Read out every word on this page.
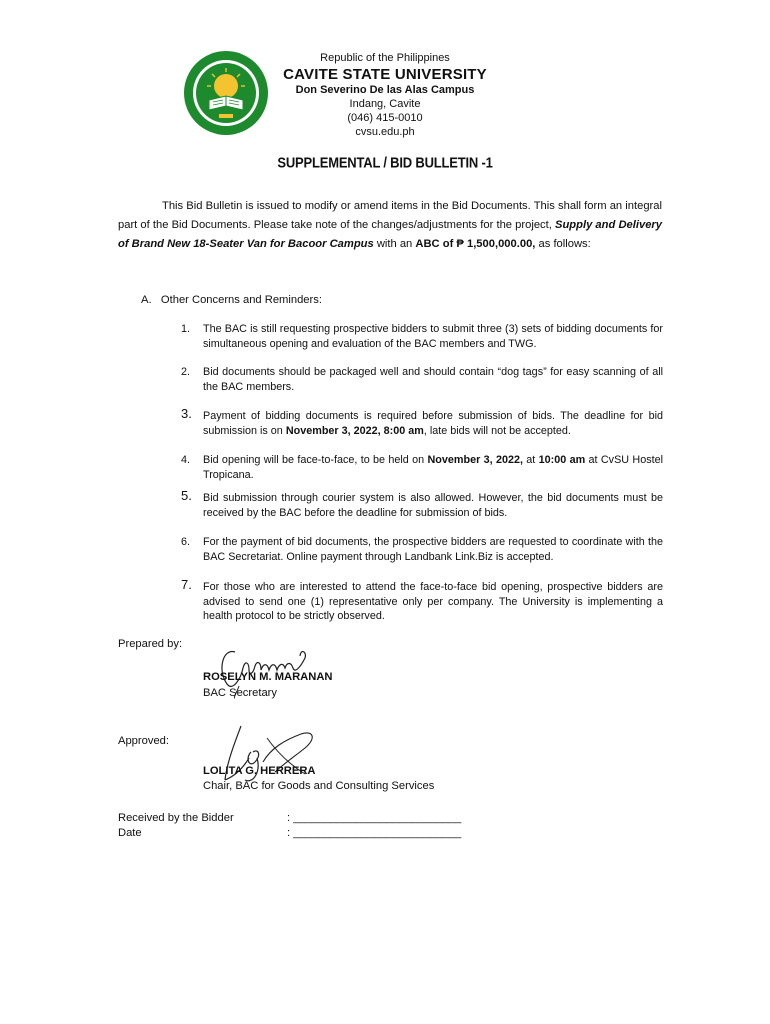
Republic of the Philippines
CAVITE STATE UNIVERSITY
Don Severino De las Alas Campus
Indang, Cavite
(046) 415-0010
cvsu.edu.ph
SUPPLEMENTAL / BID BULLETIN -1
This Bid Bulletin is issued to modify or amend items in the Bid Documents. This shall form an integral part of the Bid Documents. Please take note of the changes/adjustments for the project, Supply and Delivery of Brand New 18-Seater Van for Bacoor Campus with an ABC of ₱ 1,500,000.00, as follows:
A. Other Concerns and Reminders:
1.	The BAC is still requesting prospective bidders to submit three (3) sets of bidding documents for simultaneous opening and evaluation of the BAC members and TWG.
2.	Bid documents should be packaged well and should contain “dog tags” for easy scanning of all the BAC members.
3.	Payment of bidding documents is required before submission of bids. The deadline for bid submission is on November 3, 2022, 8:00 am, late bids will not be accepted.
4.	Bid opening will be face-to-face, to be held on November 3, 2022, at 10:00 am at CvSU Hostel Tropicana.
5.	Bid submission through courier system is also allowed. However, the bid documents must be received by the BAC before the deadline for submission of bids.
6.	For the payment of bid documents, the prospective bidders are requested to coordinate with the BAC Secretariat. Online payment through Landbank Link.Biz is accepted.
7.	For those who are interested to attend the face-to-face bid opening, prospective bidders are advised to send one (1) representative only per company. The University is implementing a health protocol to be strictly observed.
Prepared by:
ROSELYN M. MARANAN
BAC Secretary
Approved:
LOLITA G. HERRERA
Chair, BAC for Goods and Consulting Services
Received by the Bidder	: ___________________________
Date	: ___________________________
